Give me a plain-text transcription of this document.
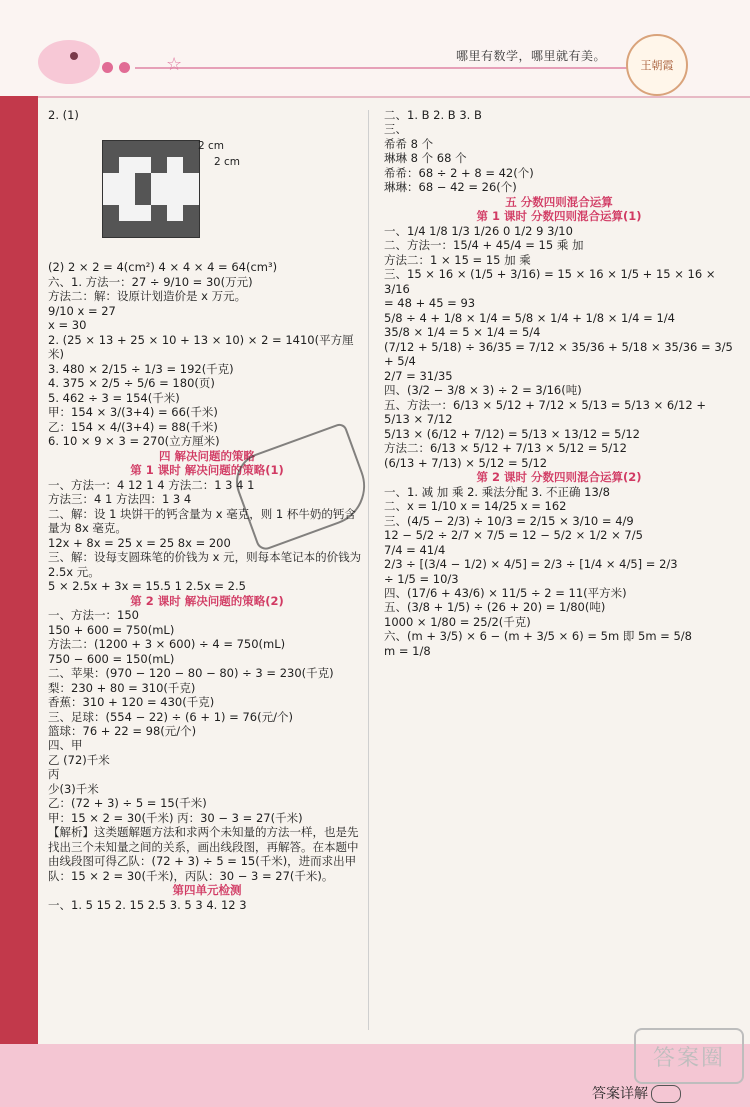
☆	哪里有数学，哪里就有美。
王朝霞

2. (1)

2 cm
2 cm

(2) 2 × 2 = 4(cm²) 4 × 4 × 4 = 64(cm³)

六、1. 方法一：27 ÷ 9/10 = 30(万元)

方法二：解：设原计划造价是 x 万元。

9/10 x = 27

x = 30

2. (25 × 13 + 25 × 10 + 13 × 10) × 2 = 1410(平方厘米)

3. 480 × 2/15 ÷ 1/3 = 192(千克)

4. 375 × 2/5 ÷ 5/6 = 180(页)

5. 462 ÷ 3 = 154(千米)

甲：154 × 3/(3+4) = 66(千米)

乙：154 × 4/(3+4) = 88(千米)

6. 10 × 9 × 3 = 270(立方厘米)

四 解决问题的策略

第 1 课时 解决问题的策略(1)

一、方法一：4 12 1 4 方法二：1 3 4 1

方法三：4 1 方法四：1 3 4

二、解：设 1 块饼干的钙含量为 x 毫克，则 1 杯牛奶的钙含量为 8x 毫克。

12x + 8x = 25 x = 25 8x = 200

三、解：设每支圆珠笔的价钱为 x 元，则每本笔记本的价钱为 2.5x 元。

5 × 2.5x + 3x = 15.5 1 2.5x = 2.5

第 2 课时 解决问题的策略(2)

一、方法一：150

150 + 600 = 750(mL)

方法二：(1200 + 3 × 600) ÷ 4 = 750(mL)

750 − 600 = 150(mL)

二、苹果：(970 − 120 − 80 − 80) ÷ 3 = 230(千克)

梨：230 + 80 = 310(千克)

香蕉：310 + 120 = 430(千克)

三、足球：(554 − 22) ÷ (6 + 1) = 76(元/个)

篮球：76 + 22 = 98(元/个)

四、甲

乙 (72)千米

丙

少(3)千米

乙：(72 + 3) ÷ 5 = 15(千米)

甲：15 × 2 = 30(千米) 丙：30 − 3 = 27(千米)

【解析】这类题解题方法和求两个未知量的方法一样，也是先找出三个未知量之间的关系，画出线段图，再解答。在本题中由线段图可得乙队：(72 + 3) ÷ 5 = 15(千米)，进而求出甲队：15 × 2 = 30(千米)，丙队：30 − 3 = 27(千米)。

第四单元检测

一、1. 5 15 2. 15 2.5 3. 5 3 4. 12 3

二、1. B 2. B 3. B

三、

希希 8 个

琳琳 8 个 68 个

希希：68 ÷ 2 + 8 = 42(个)

琳琳：68 − 42 = 26(个)

五 分数四则混合运算

第 1 课时 分数四则混合运算(1)

一、1/4 1/8 1/3 1/26 0 1/2 9 3/10

二、方法一：15/4 + 45/4 = 15 乘 加

方法二：1 × 15 = 15 加 乘

三、15 × 16 × (1/5 + 3/16) = 15 × 16 × 1/5 + 15 × 16 × 3/16

= 48 + 45 = 93

5/8 ÷ 4 + 1/8 × 1/4 = 5/8 × 1/4 + 1/8 × 1/4 = 1/4

35/8 × 1/4 = 5 × 1/4 = 5/4

(7/12 + 5/18) ÷ 36/35 = 7/12 × 35/36 + 5/18 × 35/36 = 3/5 + 5/4

2/7 = 31/35

四、(3/2 − 3/8 × 3) ÷ 2 = 3/16(吨)

五、方法一：6/13 × 5/12 + 7/12 × 5/13 = 5/13 × 6/12 + 5/13 × 7/12

5/13 × (6/12 + 7/12) = 5/13 × 13/12 = 5/12

方法二：6/13 × 5/12 + 7/13 × 5/12 = 5/12

(6/13 + 7/13) × 5/12 = 5/12

第 2 课时 分数四则混合运算(2)

一、1. 减 加 乘 2. 乘法分配 3. 不正确 13/8

二、x = 1/10 x = 14/25 x = 162

三、(4/5 − 2/3) ÷ 10/3 = 2/15 × 3/10 = 4/9

12 − 5/2 ÷ 2/7 × 7/5 = 12 − 5/2 × 1/2 × 7/5

7/4 = 41/4

2/3 ÷ [(3/4 − 1/2) × 4/5] = 2/3 ÷ [1/4 × 4/5] = 2/3

÷ 1/5 = 10/3

四、(17/6 + 43/6) × 11/5 ÷ 2 = 11(平方米)

五、(3/8 + 1/5) ÷ (26 + 20) = 1/80(吨)

1000 × 1/80 = 25/2(千克)

六、(m + 3/5) × 6 − (m + 3/5 × 6) = 5m 即 5m = 5/8

m = 1/8

答案圈
答案详解
